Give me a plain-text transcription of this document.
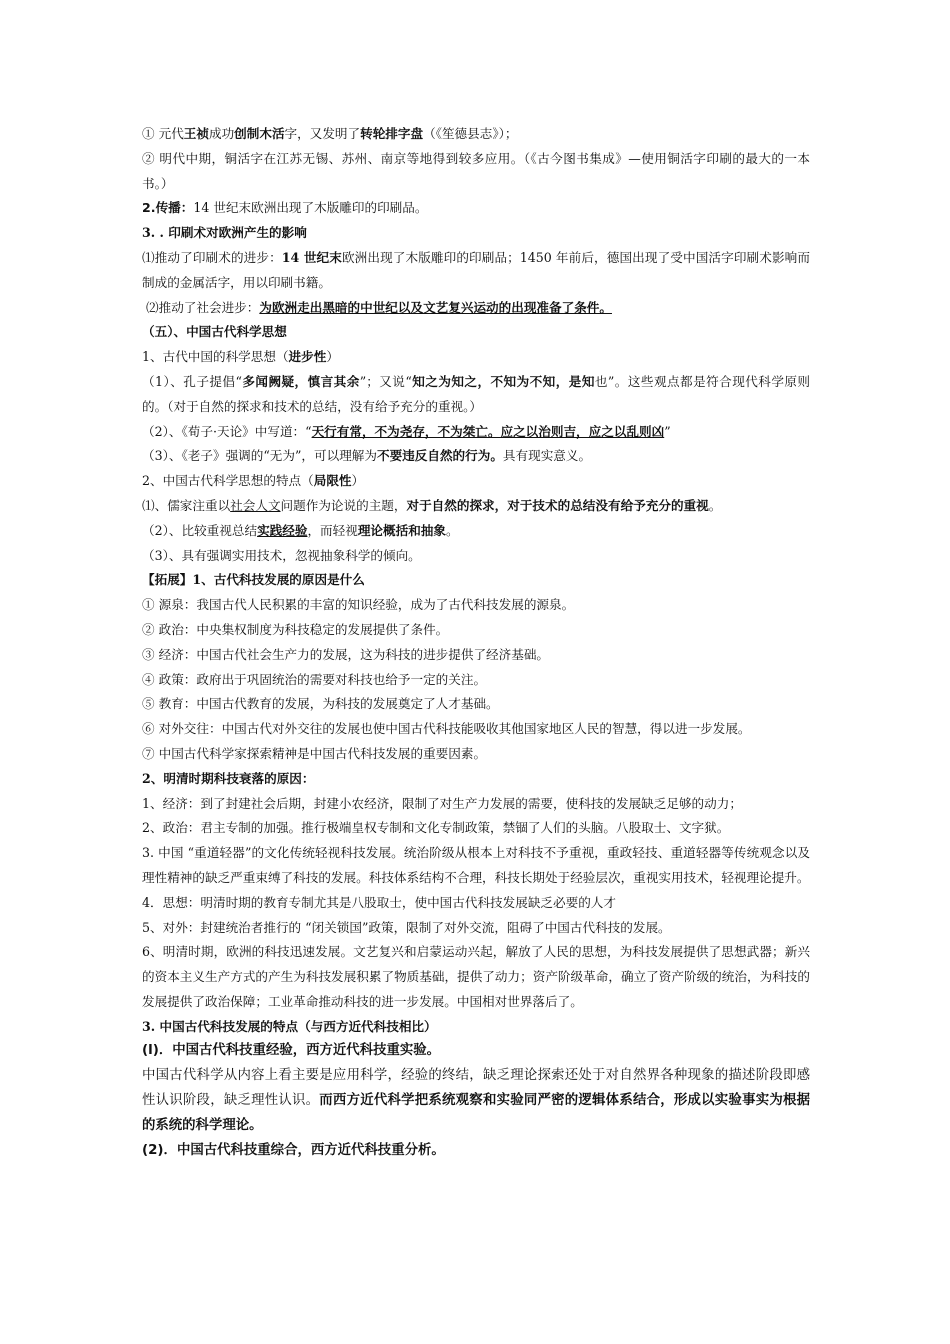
① 元代王祯成功创制木活字，又发明了转轮排字盘（《笙德县志》）；

② 明代中期，铜活字在江苏无锡、苏州、南京等地得到较多应用。（《古今图书集成》—使用铜活字印刷的最大的一本书。）

2.传播：14 世纪末欧洲出现了木版雕印的印刷品。

3. . 印刷术对欧洲产生的影响

⑴推动了印刷术的进步：14 世纪末欧洲出现了木版雕印的印刷品；1450 年前后，德国出现了受中国活字印刷术影响而制成的金属活字，用以印刷书籍。

⑵推动了社会进步：为欧洲走出黑暗的中世纪以及文艺复兴运动的出现准备了条件。

（五）、中国古代科学思想

1、古代中国的科学思想（进步性）

（1）、孔子提倡“多闻阙疑，慎言其余”；又说“知之为知之，不知为不知，是知也”。这些观点都是符合现代科学原则的。（对于自然的探求和技术的总结，没有给予充分的重视。）

（2）、《荀子·天论》中写道：“天行有常，不为尧存，不为桀亡。应之以治则吉，应之以乱则凶”

（3）、《老子》强调的“无为”，可以理解为不要违反自然的行为。具有现实意义。

2、中国古代科学思想的特点（局限性）

⑴、儒家注重以社会人文问题作为论说的主题，对于自然的探求，对于技术的总结没有给予充分的重视。

（2）、比较重视总结实践经验，而轻视理论概括和抽象。

（3）、具有强调实用技术，忽视抽象科学的倾向。

【拓展】1、古代科技发展的原因是什么

① 源泉：我国古代人民积累的丰富的知识经验，成为了古代科技发展的源泉。

② 政治：中央集权制度为科技稳定的发展提供了条件。

③ 经济：中国古代社会生产力的发展，这为科技的进步提供了经济基础。

④ 政策：政府出于巩固统治的需要对科技也给予一定的关注。

⑤ 教育：中国古代教育的发展，为科技的发展奠定了人才基础。

⑥ 对外交往：中国古代对外交往的发展也使中国古代科技能吸收其他国家地区人民的智慧，得以进一步发展。

⑦ 中国古代科学家探索精神是中国古代科技发展的重要因素。

2、明清时期科技衰落的原因：

1、经济：到了封建社会后期，封建小农经济，限制了对生产力发展的需要，使科技的发展缺乏足够的动力；

2、政治：君主专制的加强。推行极端皇权专制和文化专制政策，禁锢了人们的头脑。八股取士、文字狱。

3. 中国 “重道轻器”的文化传统轻视科技发展。统治阶级从根本上对科技不予重视，重政轻技、重道轻器等传统观念以及理性精神的缺乏严重束缚了科技的发展。科技体系结构不合理，科技长期处于经验层次，重视实用技术，轻视理论提升。

4．思想：明清时期的教育专制尤其是八股取士，使中国古代科技发展缺乏必要的人才

5、对外：封建统治者推行的 “闭关锁国”政策，限制了对外交流，阻碍了中国古代科技的发展。

6、明清时期，欧洲的科技迅速发展。文艺复兴和启蒙运动兴起，解放了人民的思想，为科技发展提供了思想武器；新兴的资本主义生产方式的产生为科技发展积累了物质基础，提供了动力；资产阶级革命，确立了资产阶级的统治，为科技的发展提供了政治保障；工业革命推动科技的进一步发展。中国相对世界落后了。

3. 中国古代科技发展的特点（与西方近代科技相比）

(l)．中国古代科技重经验，西方近代科技重实验。

中国古代科学从内容上看主要是应用科学，经验的终结，缺乏理论探索还处于对自然界各种现象的描述阶段即感性认识阶段，缺乏理性认识。而西方近代科学把系统观察和实验同严密的逻辑体系结合，形成以实验事实为根据的系统的科学理论。

(2)．中国古代科技重综合，西方近代科技重分析。
